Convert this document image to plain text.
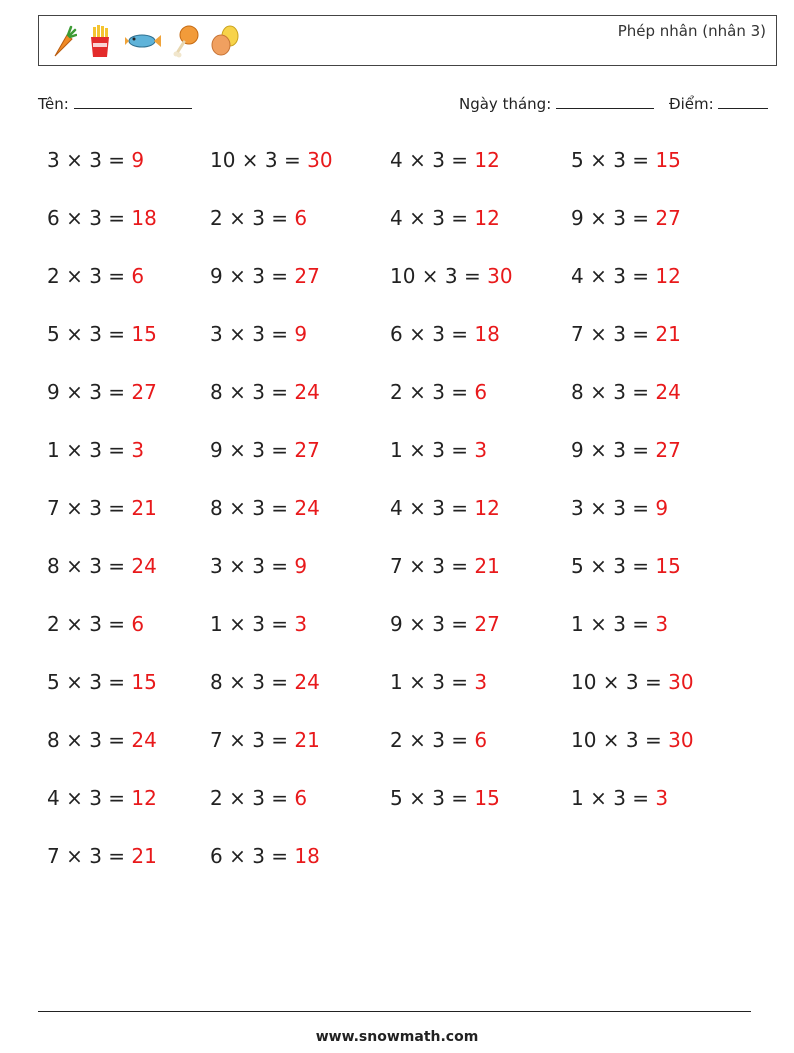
Phép nhân (nhân 3)
Tên:	Ngày tháng:	Điểm:
3 × 3 = 9	10 × 3 = 30	4 × 3 = 12	5 × 3 = 15
6 × 3 = 18	2 × 3 = 6	4 × 3 = 12	9 × 3 = 27
2 × 3 = 6	9 × 3 = 27	10 × 3 = 30	4 × 3 = 12
5 × 3 = 15	3 × 3 = 9	6 × 3 = 18	7 × 3 = 21
9 × 3 = 27	8 × 3 = 24	2 × 3 = 6	8 × 3 = 24
1 × 3 = 3	9 × 3 = 27	1 × 3 = 3	9 × 3 = 27
7 × 3 = 21	8 × 3 = 24	4 × 3 = 12	3 × 3 = 9
8 × 3 = 24	3 × 3 = 9	7 × 3 = 21	5 × 3 = 15
2 × 3 = 6	1 × 3 = 3	9 × 3 = 27	1 × 3 = 3
5 × 3 = 15	8 × 3 = 24	1 × 3 = 3	10 × 3 = 30
8 × 3 = 24	7 × 3 = 21	2 × 3 = 6	10 × 3 = 30
4 × 3 = 12	2 × 3 = 6	5 × 3 = 15	1 × 3 = 3
7 × 3 = 21	6 × 3 = 18
www.snowmath.com
